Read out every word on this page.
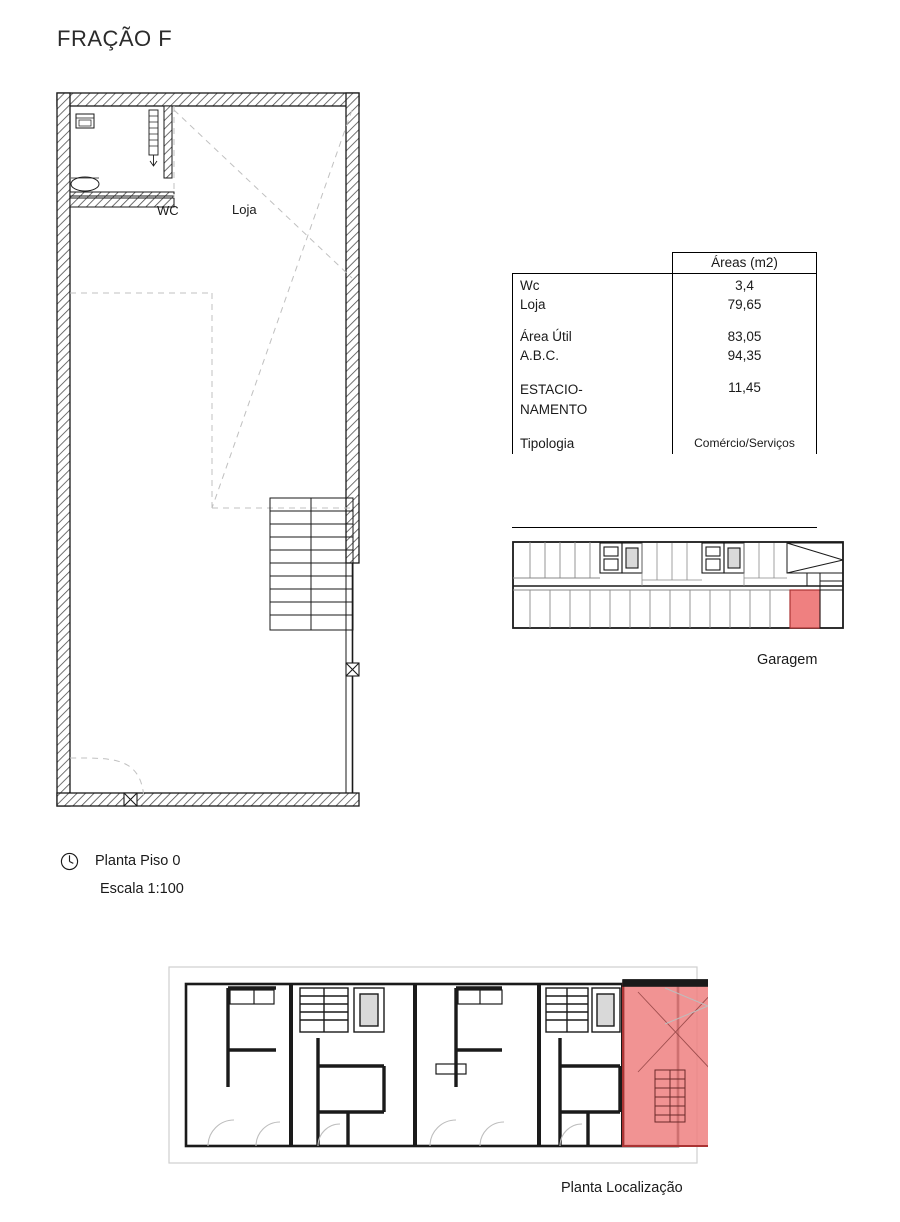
FRAÇÃO F
WC	Loja
	Áreas (m2)
Wc	3,4
Loja	79,65

Área Útil	83,05
A.B.C.	94,35

ESTACIO-
NAMENTO	11,45

Tipologia	Comércio/Serviços
Garagem
Planta Piso 0
Escala 1:100
Planta Localização
